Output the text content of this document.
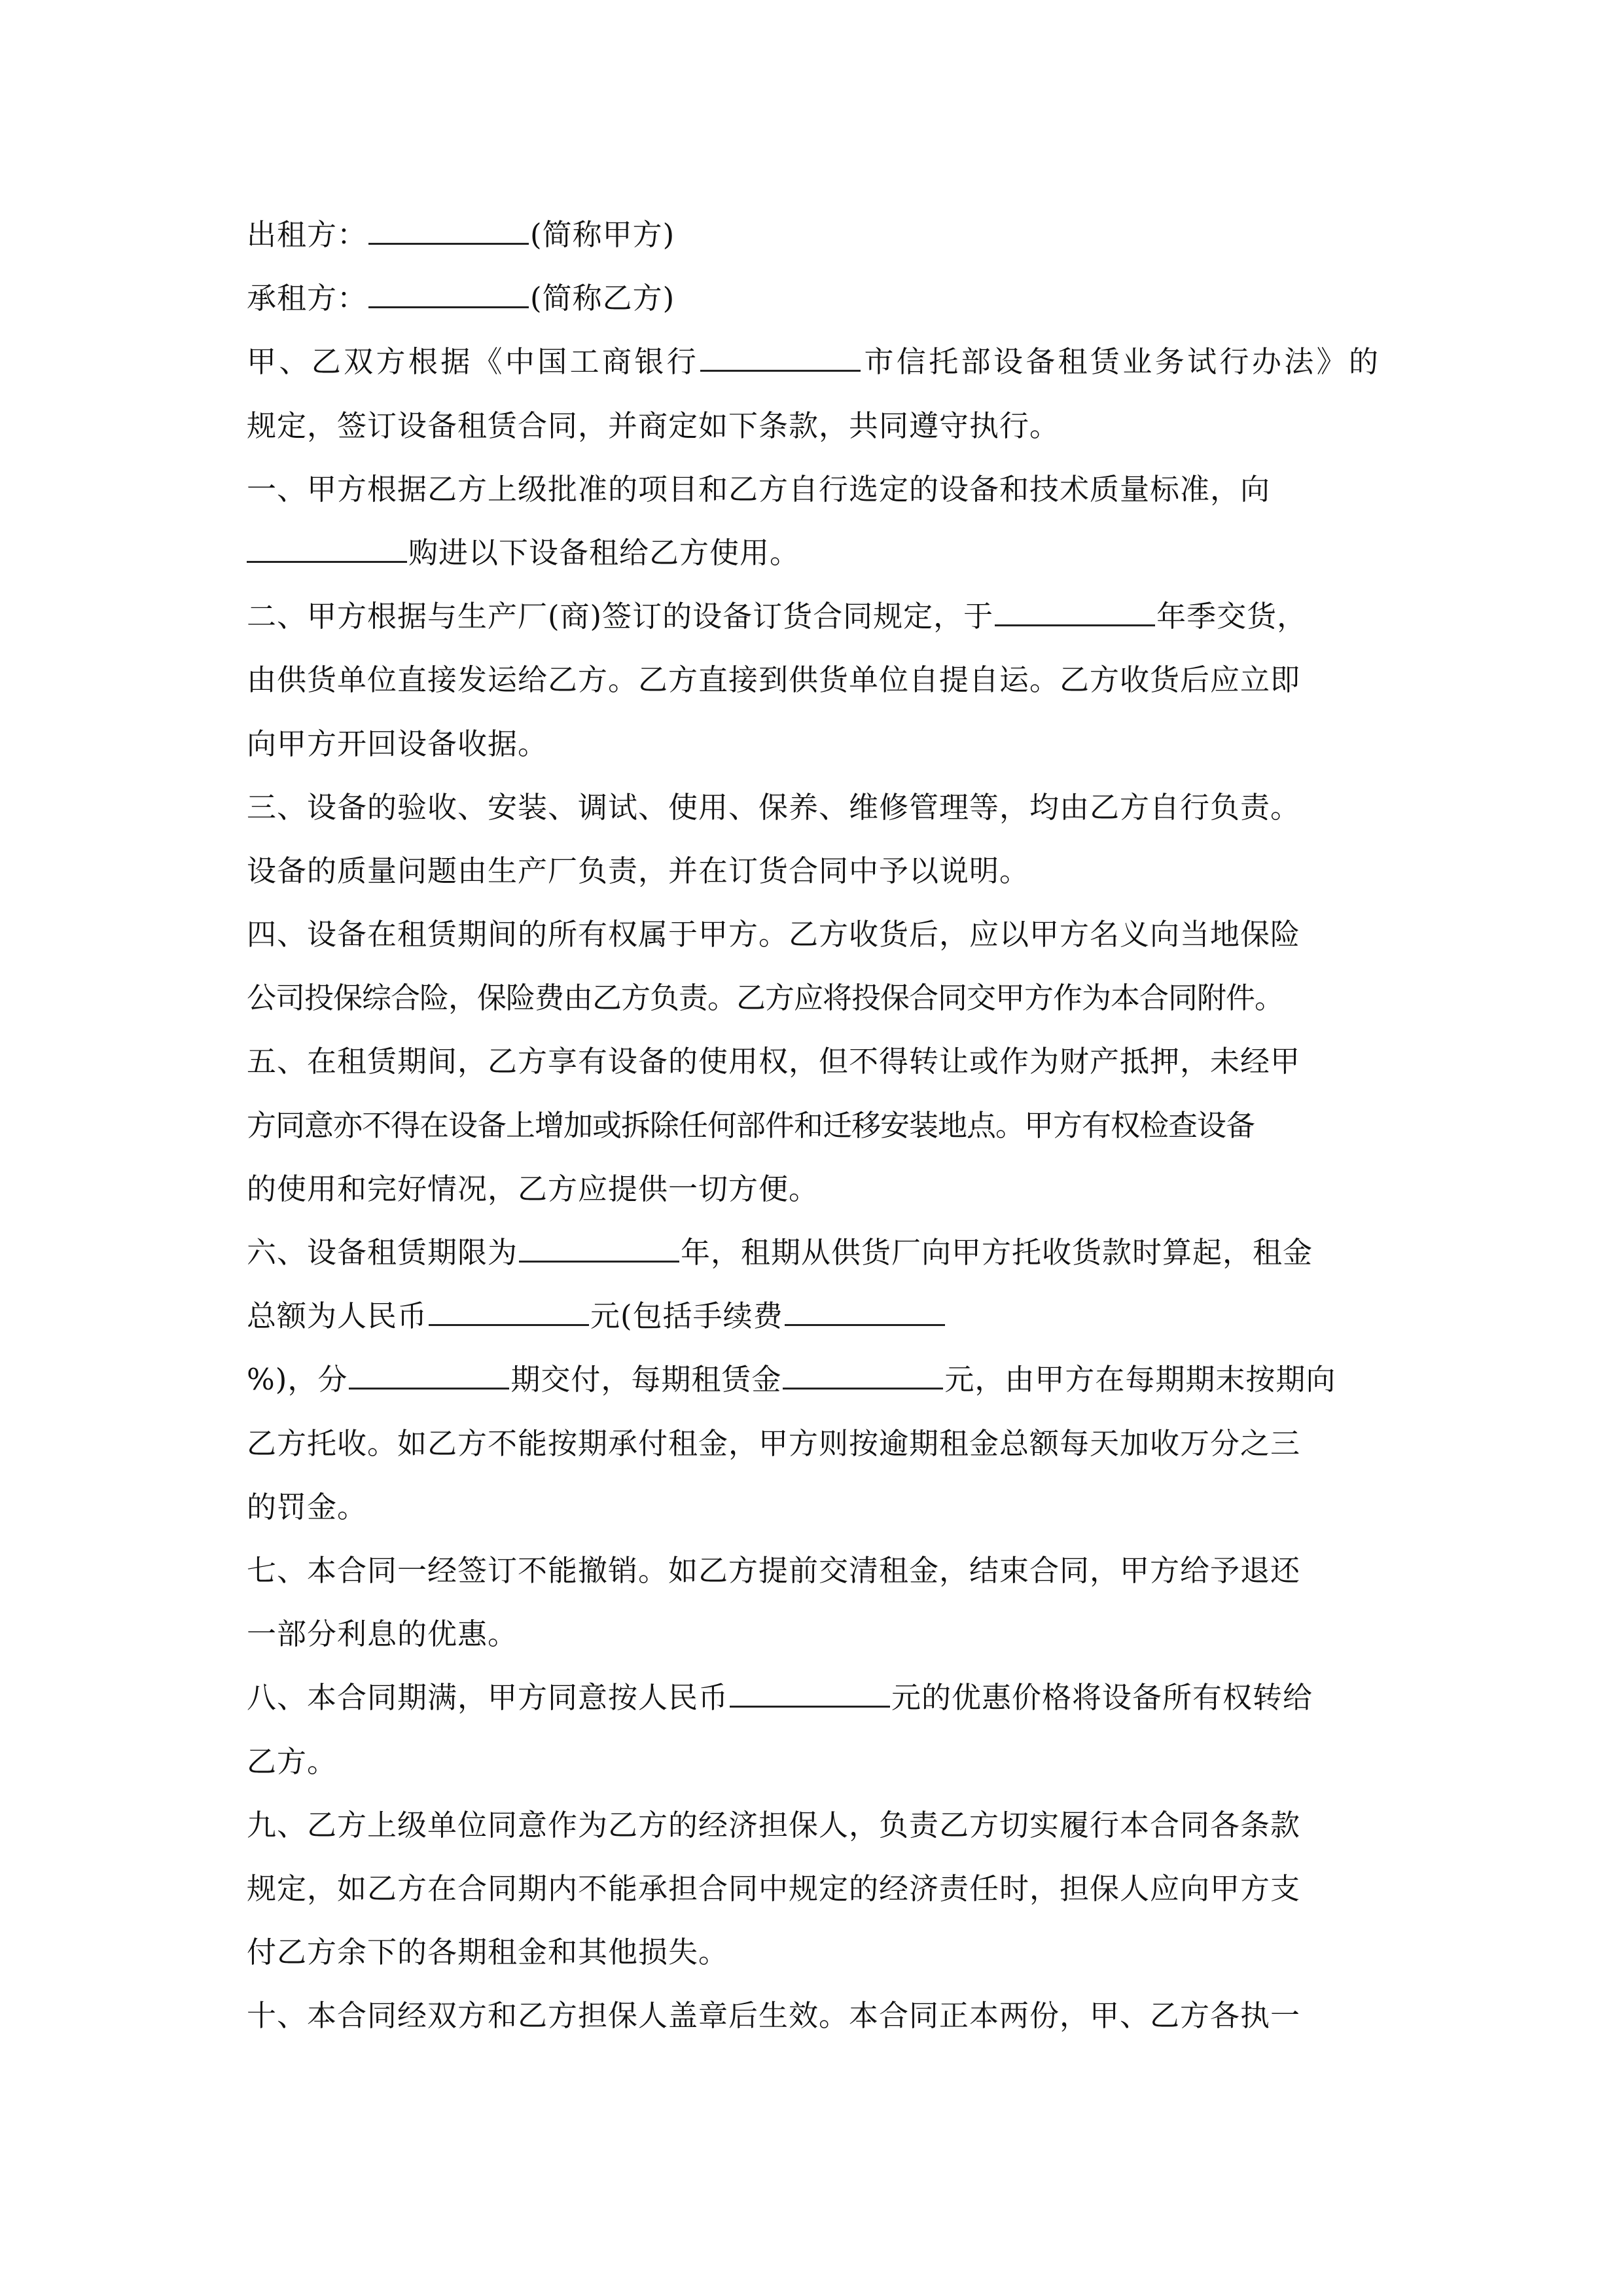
出租方：	(简称甲方)
承租方：	(简称乙方)
甲、乙双方根据《中国工商银行	市信托部设备租赁业务试行办法》的
规定，签订设备租赁合同，并商定如下条款，共同遵守执行。
一、甲方根据乙方上级批准的项目和乙方自行选定的设备和技术质量标准，向
购进以下设备租给乙方使用。
二、甲方根据与生产厂(商)签订的设备订货合同规定，于	年季交货，
由供货单位直接发运给乙方。乙方直接到供货单位自提自运。乙方收货后应立即
向甲方开回设备收据。
三、设备的验收、安装、调试、使用、保养、维修管理等，均由乙方自行负责。
设备的质量问题由生产厂负责，并在订货合同中予以说明。
四、设备在租赁期间的所有权属于甲方。乙方收货后，应以甲方名义向当地保险
公司投保综合险，保险费由乙方负责。乙方应将投保合同交甲方作为本合同附件。
五、在租赁期间，乙方享有设备的使用权，但不得转让或作为财产抵押，未经甲
方同意亦不得在设备上增加或拆除任何部件和迁移安装地点。甲方有权检查设备
的使用和完好情况，乙方应提供一切方便。
六、设备租赁期限为	年，租期从供货厂向甲方托收货款时算起，租金
总额为人民币	元(包括手续费
%)，分	期交付，每期租赁金	元，由甲方在每期期末按期向
乙方托收。如乙方不能按期承付租金，甲方则按逾期租金总额每天加收万分之三
的罚金。
七、本合同一经签订不能撤销。如乙方提前交清租金，结束合同，甲方给予退还
一部分利息的优惠。
八、本合同期满，甲方同意按人民币	元的优惠价格将设备所有权转给
乙方。
九、乙方上级单位同意作为乙方的经济担保人，负责乙方切实履行本合同各条款
规定，如乙方在合同期内不能承担合同中规定的经济责任时，担保人应向甲方支
付乙方余下的各期租金和其他损失。
十、本合同经双方和乙方担保人盖章后生效。本合同正本两份，甲、乙方各执一
